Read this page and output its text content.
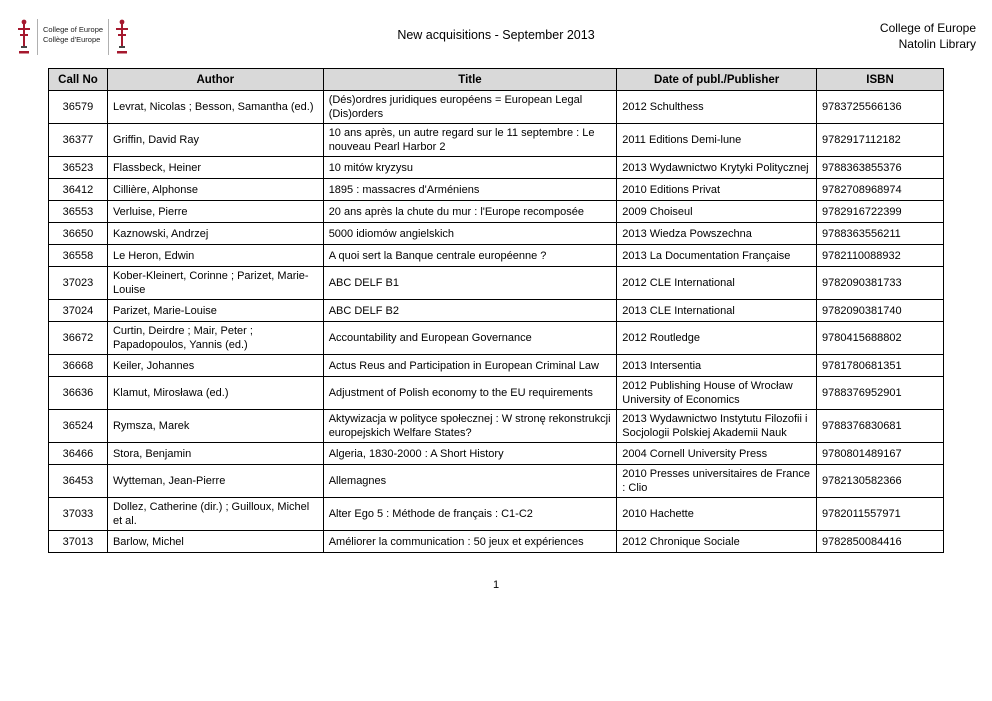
College of Europe
Collège d'Europe	New acquisitions - September 2013	College of Europe
Natolin Library
Call No	Author	Title	Date of publ./Publisher	ISBN
36579	Levrat, Nicolas ; Besson, Samantha (ed.)	(Dés)ordres juridiques européens = European Legal (Dis)orders	2012 Schulthess	9783725566136
36377	Griffin, David Ray	10 ans après, un autre regard sur le 11 septembre : Le nouveau Pearl Harbor 2	2011 Editions Demi-lune	9782917112182
36523	Flassbeck, Heiner	10 mitów kryzysu	2013 Wydawnictwo Krytyki Politycznej	9788363855376
36412	Cillière, Alphonse	1895 : massacres d'Arméniens	2010 Editions Privat	9782708968974
36553	Verluise, Pierre	20 ans après la chute du mur : l'Europe recomposée	2009 Choiseul	9782916722399
36650	Kaznowski, Andrzej	5000 idiomów angielskich	2013 Wiedza Powszechna	9788363556211
36558	Le Heron, Edwin	A quoi sert la Banque centrale européenne ?	2013 La Documentation Française	9782110088932
37023	Kober-Kleinert, Corinne ; Parizet, Marie-Louise	ABC DELF B1	2012 CLE International	9782090381733
37024	Parizet, Marie-Louise	ABC DELF B2	2013 CLE International	9782090381740
36672	Curtin, Deirdre ; Mair, Peter ; Papadopoulos, Yannis (ed.)	Accountability and European Governance	2012 Routledge	9780415688802
36668	Keiler, Johannes	Actus Reus and Participation in European Criminal Law	2013 Intersentia	9781780681351
36636	Klamut, Mirosława (ed.)	Adjustment of Polish economy to the EU requirements	2012 Publishing House of Wrocław University of Economics	9788376952901
36524	Rymsza, Marek	Aktywizacja w polityce społecznej : W stronę rekonstrukcji europejskich Welfare States?	2013 Wydawnictwo Instytutu Filozofii i Socjologii Polskiej Akademii Nauk	9788376830681
36466	Stora, Benjamin	Algeria, 1830-2000 : A Short History	2004 Cornell University Press	9780801489167
36453	Wytteman, Jean-Pierre	Allemagnes	2010 Presses universitaires de France : Clio	9782130582366
37033	Dollez, Catherine (dir.) ; Guilloux, Michel et al.	Alter Ego 5 : Méthode de français : C1-C2	2010 Hachette	9782011557971
37013	Barlow, Michel	Améliorer la communication : 50 jeux et expériences	2012 Chronique Sociale	9782850084416
1
